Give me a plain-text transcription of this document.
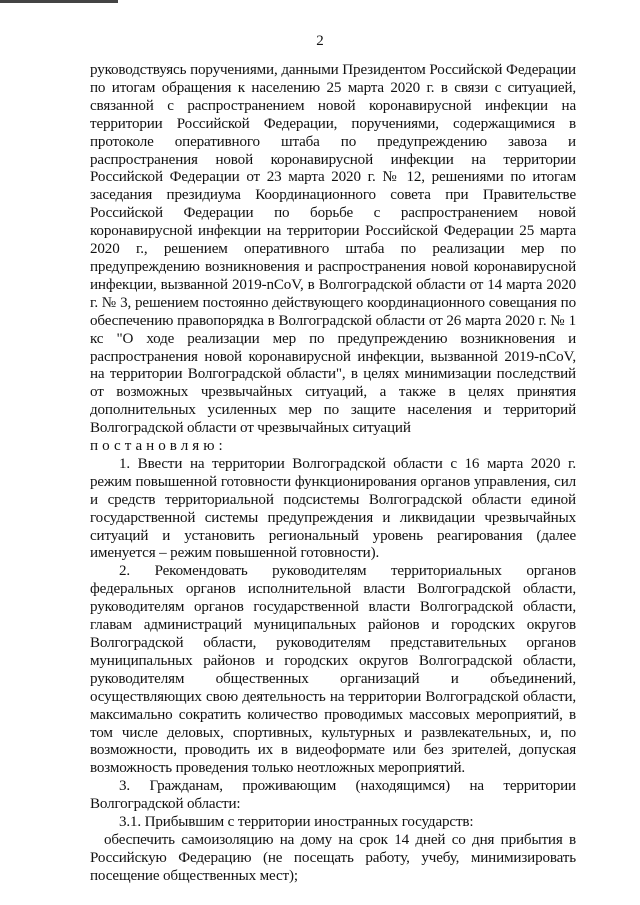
2

руководствуясь поручениями, данными Президентом Российской Федерации по итогам обращения к населению 25 марта 2020 г. в связи с ситуацией, связанной с распространением новой коронавирусной инфекции на территории Российской Федерации, поручениями, содержащимися в протоколе оперативного штаба по предупреждению завоза и распространения новой коронавирусной инфекции на территории Российской Федерации от 23 марта 2020 г. № 12, решениями по итогам заседания президиума Координационного совета при Правительстве Российской Федерации по борьбе с распространением новой коронавирусной инфекции на территории Российской Федерации 25 марта 2020 г., решением оперативного штаба по реализации мер по предупреждению возникновения и распространения новой коронавирусной инфекции, вызванной 2019-nCoV, в Волгоградской области от 14 марта 2020 г. № 3, решением постоянно действующего координационного совещания по обеспечению правопорядка в Волгоградской области от 26 марта 2020 г. № 1 кс "О ходе реализации мер по предупреждению возникновения и распространения новой коронавирусной инфекции, вызванной 2019-nCoV, на территории Волгоградской области", в целях минимизации последствий от возможных чрезвычайных ситуаций, а также в целях принятия дополнительных усиленных мер по защите населения и территорий Волгоградской области от чрезвычайных ситуаций

постановляю:

1. Ввести на территории Волгоградской области с 16 марта 2020 г. режим повышенной готовности функционирования органов управления, сил и средств территориальной подсистемы Волгоградской области единой государственной системы предупреждения и ликвидации чрезвычайных ситуаций и установить региональный уровень реагирования (далее именуется – режим повышенной готовности).

2. Рекомендовать руководителям территориальных органов федеральных органов исполнительной власти Волгоградской области, руководителям органов государственной власти Волгоградской области, главам администраций муниципальных районов и городских округов Волгоградской области, руководителям представительных органов муниципальных районов и городских округов Волгоградской области, руководителям общественных организаций и объединений, осуществляющих свою деятельность на территории Волгоградской области, максимально сократить количество проводимых массовых мероприятий, в том числе деловых, спортивных, культурных и развлекательных, и, по возможности, проводить их в видеоформате или без зрителей, допуская возможность проведения только неотложных мероприятий.

3. Гражданам, проживающим (находящимся) на территории Волгоградской области:

3.1. Прибывшим с территории иностранных государств:

обеспечить самоизоляцию на дому на срок 14 дней со дня прибытия в Российскую Федерацию (не посещать работу, учебу, минимизировать посещение общественных мест);
